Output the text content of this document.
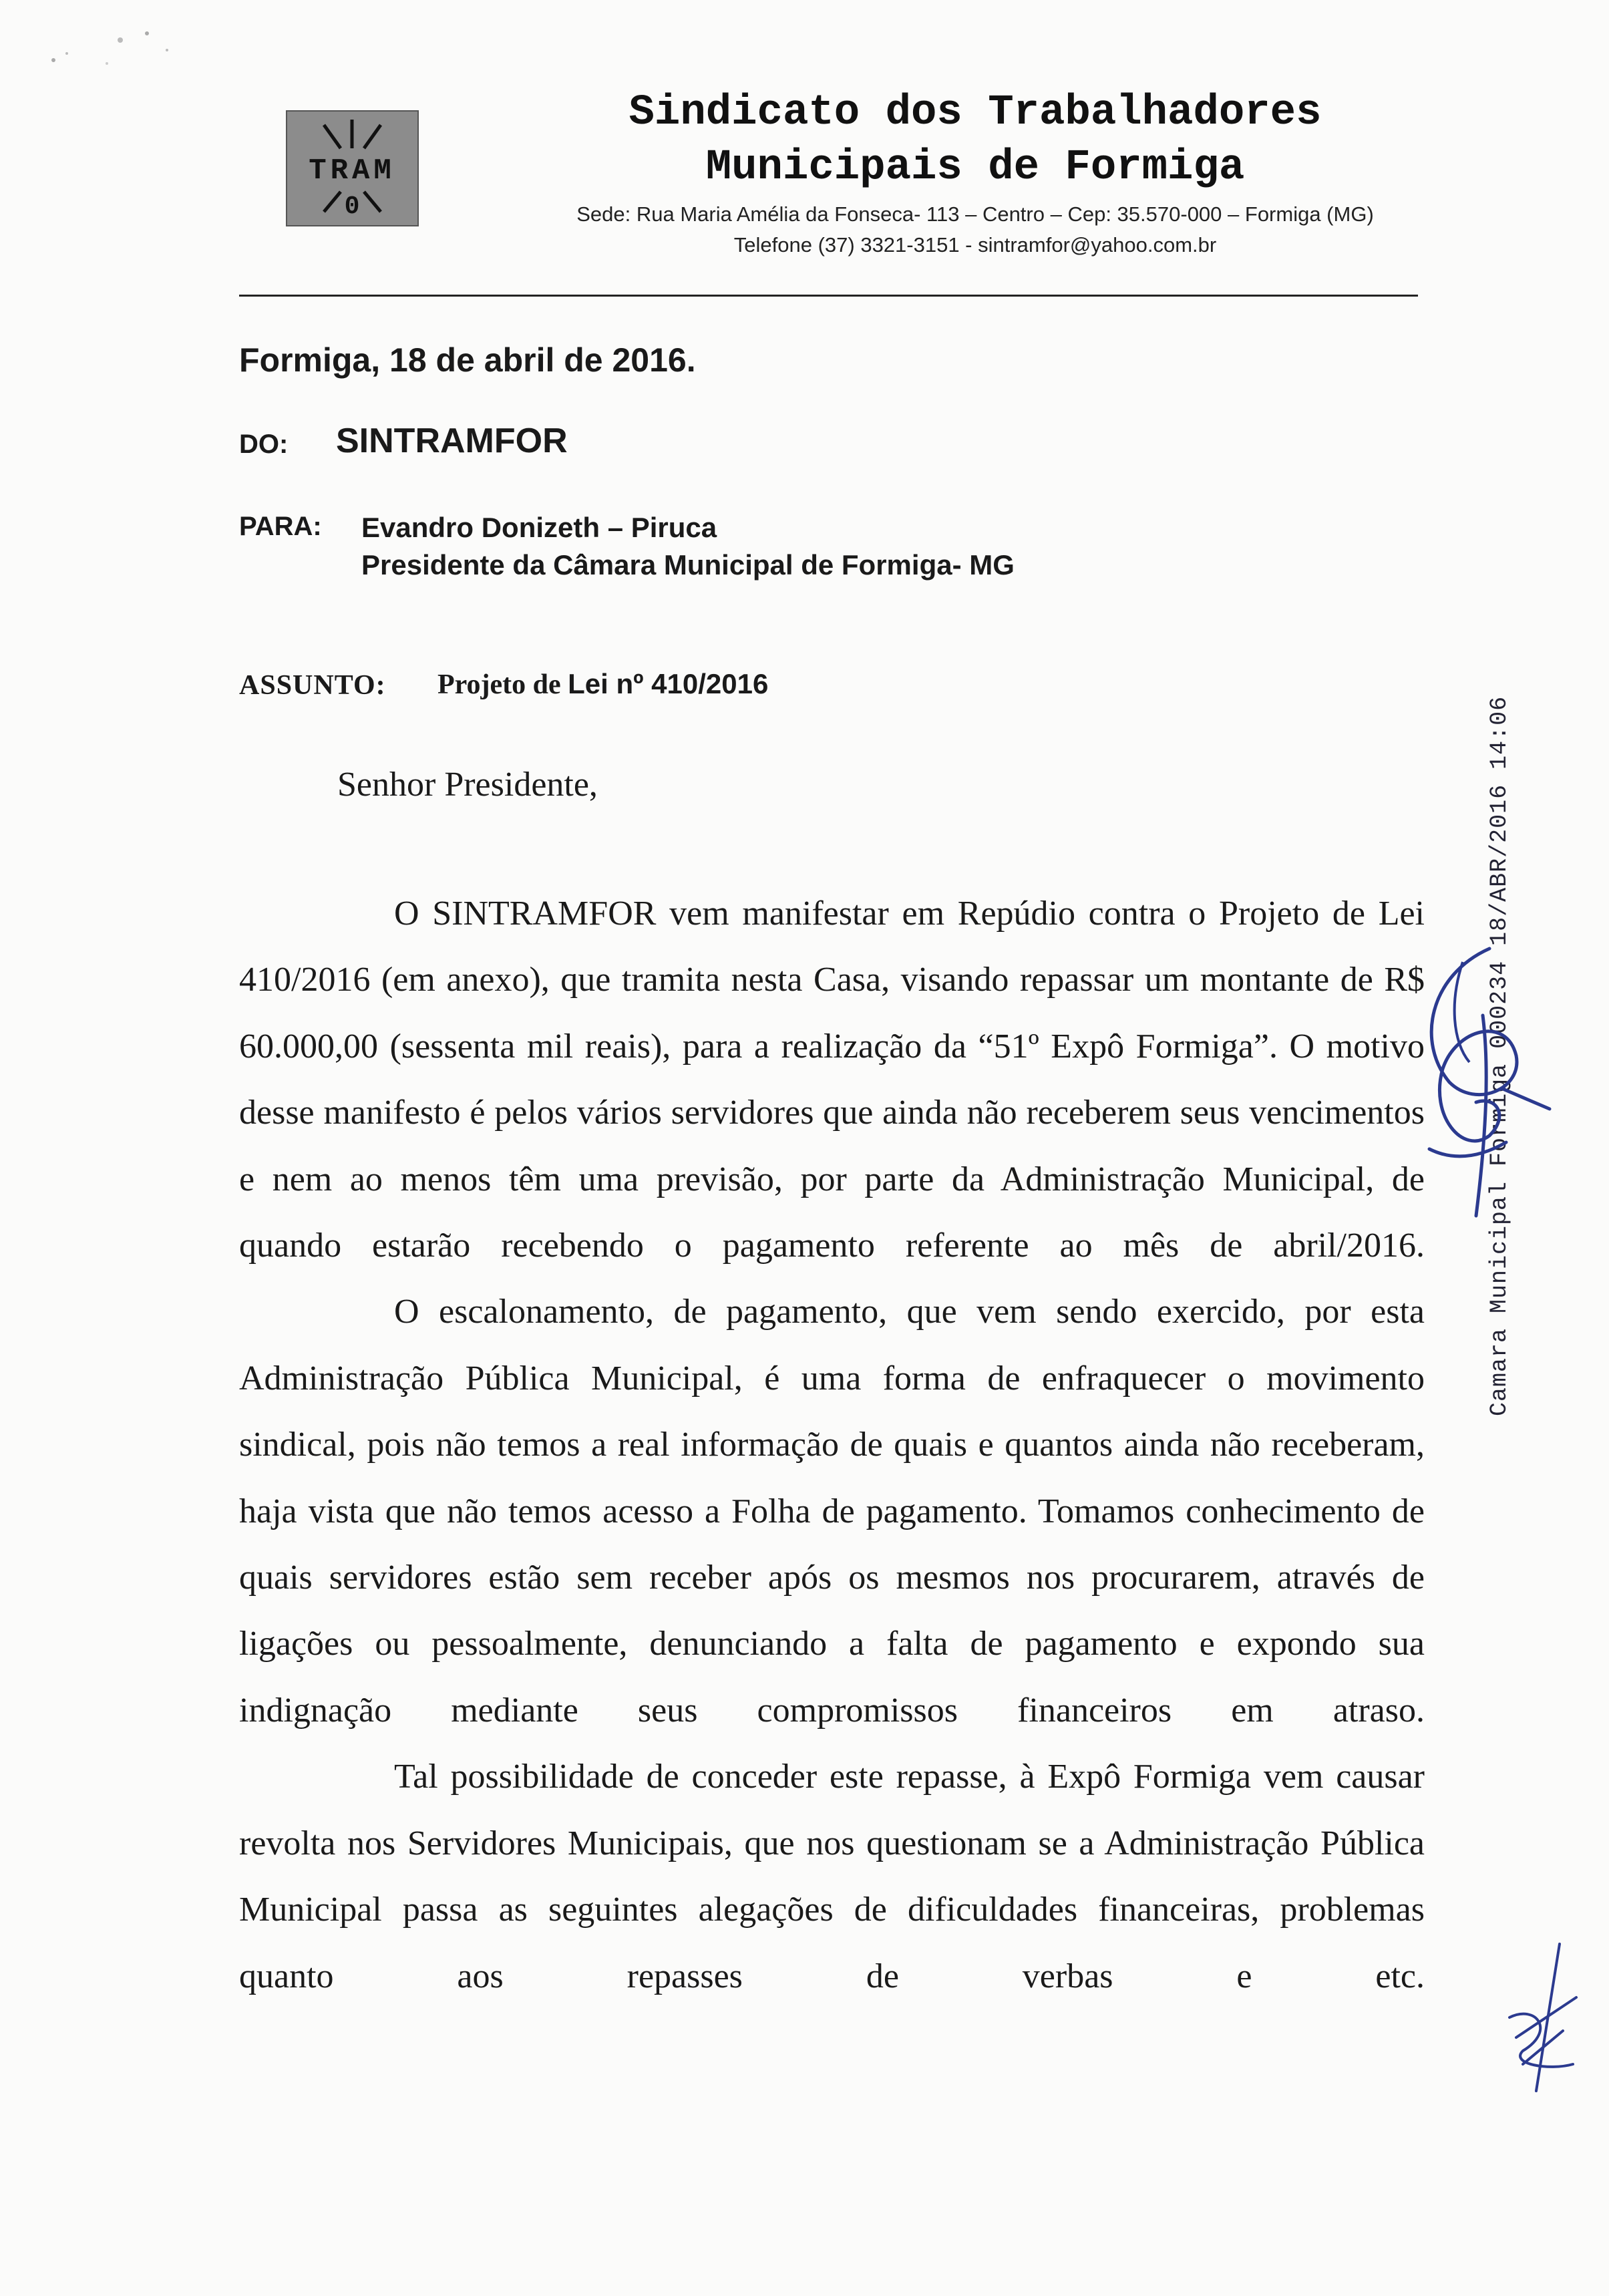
TRAM
0
Sindicato dos Trabalhadores
Municipais de Formiga
Sede: Rua Maria Amélia da Fonseca- 113 – Centro – Cep: 35.570-000 – Formiga (MG)
Telefone (37) 3321-3151 - sintramfor@yahoo.com.br
Formiga, 18 de abril de 2016.
DO: SINTRAMFOR
PARA: Evandro Donizeth – Piruca
Presidente da Câmara Municipal de Formiga- MG
ASSUNTO: Projeto de Lei nº 410/2016
Senhor Presidente,

O SINTRAMFOR vem manifestar em Repúdio contra o Projeto de Lei 410/2016 (em anexo), que tramita nesta Casa, visando repassar um montante de R$ 60.000,00 (sessenta mil reais), para a realização da “51º Expô Formiga”. O motivo desse manifesto é pelos vários servidores que ainda não receberem seus vencimentos e nem ao menos têm uma previsão, por parte da Administração Municipal, de quando estarão recebendo o pagamento referente ao mês de abril/2016.

O escalonamento, de pagamento, que vem sendo exercido, por esta Administração Pública Municipal, é uma forma de enfraquecer o movimento sindical, pois não temos a real informação de quais e quantos ainda não receberam, haja vista que não temos acesso a Folha de pagamento. Tomamos conhecimento de quais servidores estão sem receber após os mesmos nos procurarem, através de ligações ou pessoalmente, denunciando a falta de pagamento e expondo sua indignação mediante seus compromissos financeiros em atraso.

Tal possibilidade de conceder este repasse, à Expô Formiga vem causar revolta nos Servidores Municipais, que nos questionam se a Administração Pública Municipal passa as seguintes alegações de dificuldades financeiras, problemas quanto aos repasses de verbas e etc.

Camara Municipal Formiga 000234 18/ABR/2016 14:06
